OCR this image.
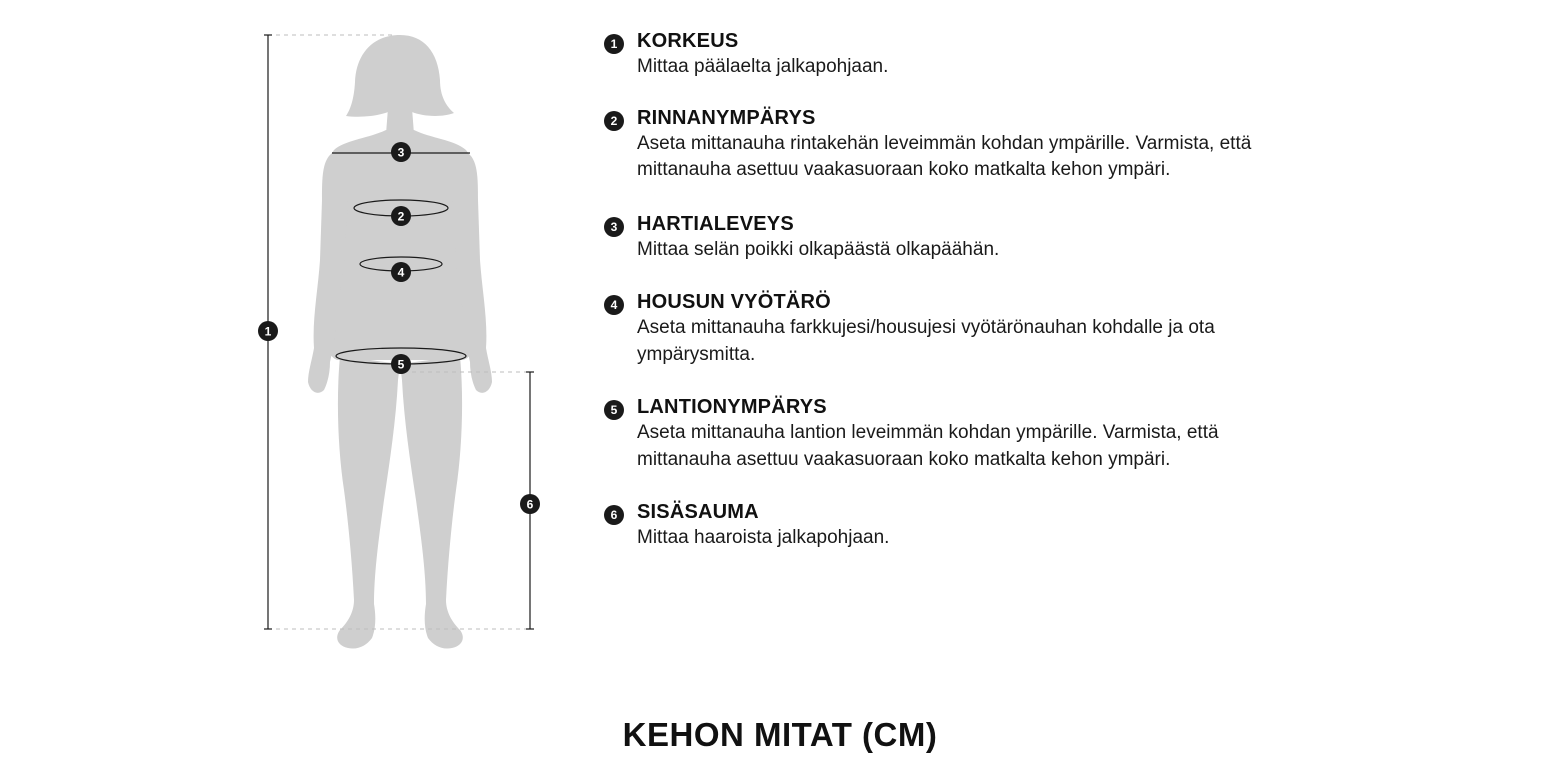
1
2
3
4
5
6
1 KORKEUS
Mittaa päälaelta jalkapohjaan.
2 RINNANYMPÄRYS
Aseta mittanauha rintakehän leveimmän kohdan ympärille. Varmista, että mittanauha asettuu vaakasuoraan koko matkalta kehon ympäri.
3 HARTIALEVEYS
Mittaa selän poikki olkapäästä olkapäähän.
4 HOUSUN VYÖTÄRÖ
Aseta mittanauha farkkujesi/housujesi vyötärönauhan kohdalle ja ota ympärysmitta.
5 LANTIONYMPÄRYS
Aseta mittanauha lantion leveimmän kohdan ympärille. Varmista, että mittanauha asettuu vaakasuoraan koko matkalta kehon ympäri.
6 SISÄSAUMA
Mittaa haaroista jalkapohjaan.
KEHON MITAT (CM)
